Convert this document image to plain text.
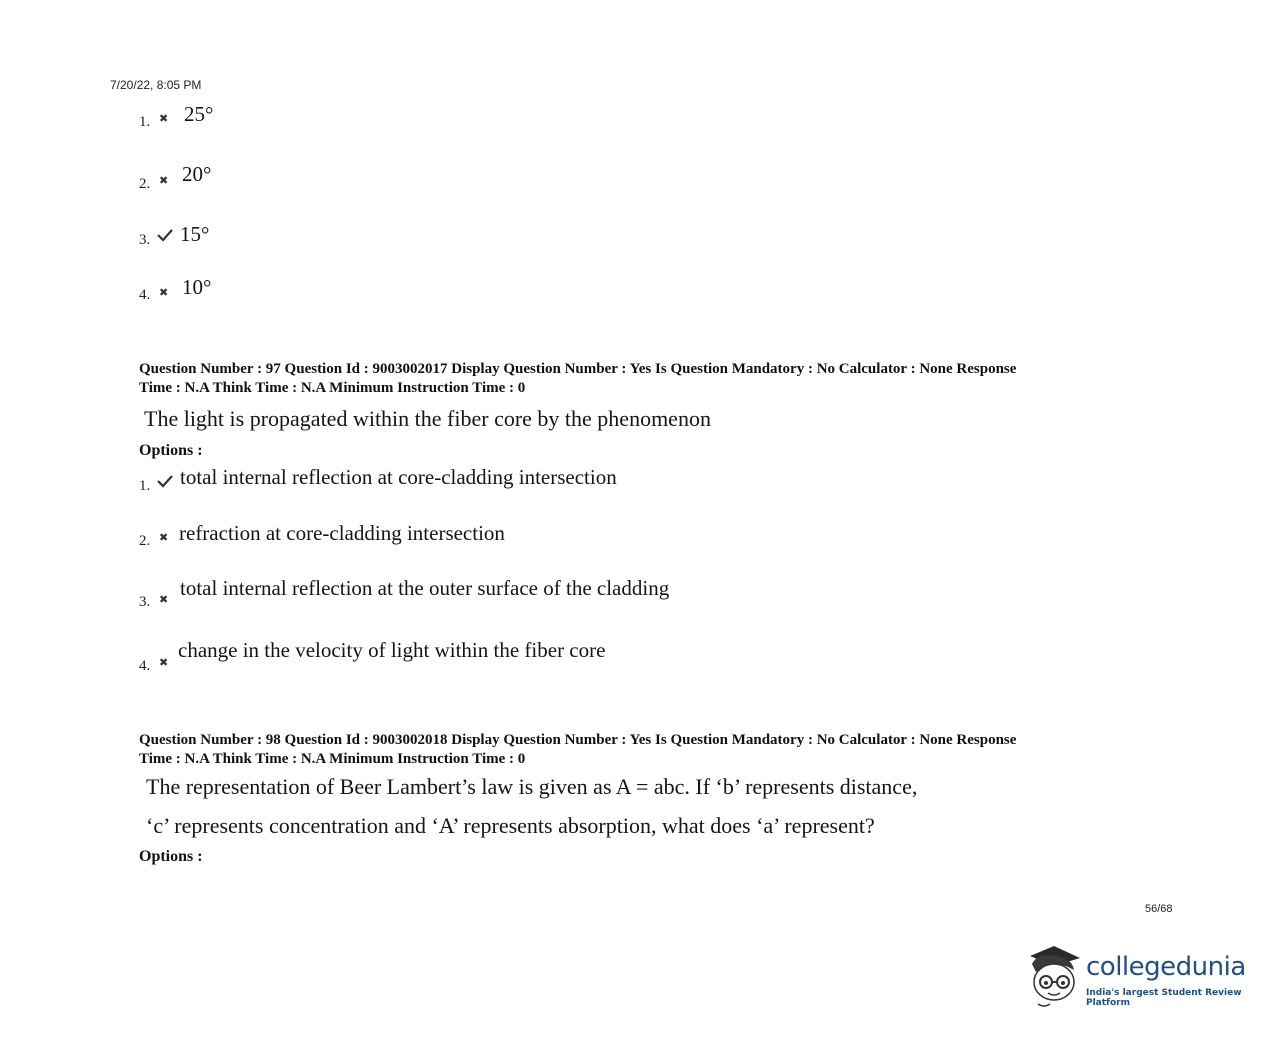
7/20/22, 8:05 PM
1. ✖ 25°
2. ✖ 20°
3. 15°
4. ✖ 10°
Question Number : 97 Question Id : 9003002017 Display Question Number : Yes Is Question Mandatory : No Calculator : None Response
Time : N.A Think Time : N.A Minimum Instruction Time : 0
The light is propagated within the fiber core by the phenomenon
Options :
1. total internal reflection at core-cladding intersection
2. ✖ refraction at core-cladding intersection
3. ✖ total internal reflection at the outer surface of the cladding
4. ✖
change in the velocity of light within the fiber core
Question Number : 98 Question Id : 9003002018 Display Question Number : Yes Is Question Mandatory : No Calculator : None Response
Time : N.A Think Time : N.A Minimum Instruction Time : 0
The representation of Beer Lambert’s law is given as A = abc. If ‘b’ represents distance,
‘c’ represents concentration and ‘A’ represents absorption, what does ‘a’ represent?
Options :
56/68
collegedunia
India's largest Student Review Platform
